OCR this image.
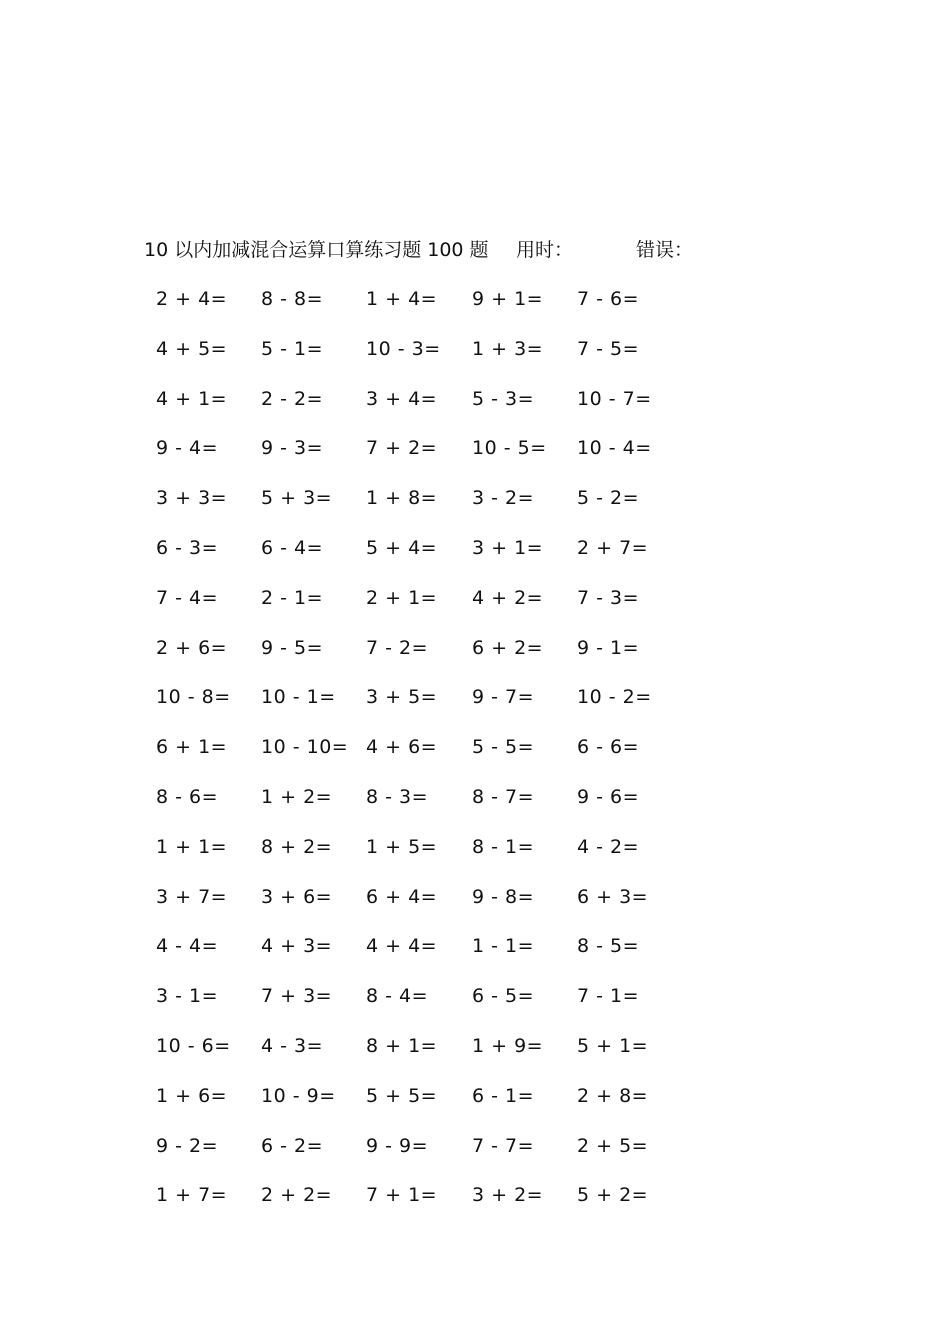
10 以内加减混合运算口算练习题 100 题 用时：	错误：
2 + 4= 8 - 8= 1 + 4= 9 + 1= 7 - 6=
4 + 5= 5 - 1= 10 - 3= 1 + 3= 7 - 5=
4 + 1= 2 - 2= 3 + 4= 5 - 3= 10 - 7=
9 - 4= 9 - 3= 7 + 2= 10 - 5= 10 - 4=
3 + 3= 5 + 3= 1 + 8= 3 - 2= 5 - 2=
6 - 3= 6 - 4= 5 + 4= 3 + 1= 2 + 7=
7 - 4= 2 - 1= 2 + 1= 4 + 2= 7 - 3=
2 + 6= 9 - 5= 7 - 2= 6 + 2= 9 - 1=
10 - 8= 10 - 1= 3 + 5= 9 - 7= 10 - 2=
6 + 1= 10 - 10= 4 + 6= 5 - 5= 6 - 6=
8 - 6= 1 + 2= 8 - 3= 8 - 7= 9 - 6=
1 + 1= 8 + 2= 1 + 5= 8 - 1= 4 - 2=
3 + 7= 3 + 6= 6 + 4= 9 - 8= 6 + 3=
4 - 4= 4 + 3= 4 + 4= 1 - 1= 8 - 5=
3 - 1= 7 + 3= 8 - 4= 6 - 5= 7 - 1=
10 - 6= 4 - 3= 8 + 1= 1 + 9= 5 + 1=
1 + 6= 10 - 9= 5 + 5= 6 - 1= 2 + 8=
9 - 2= 6 - 2= 9 - 9= 7 - 7= 2 + 5=
1 + 7= 2 + 2= 7 + 1= 3 + 2= 5 + 2=
